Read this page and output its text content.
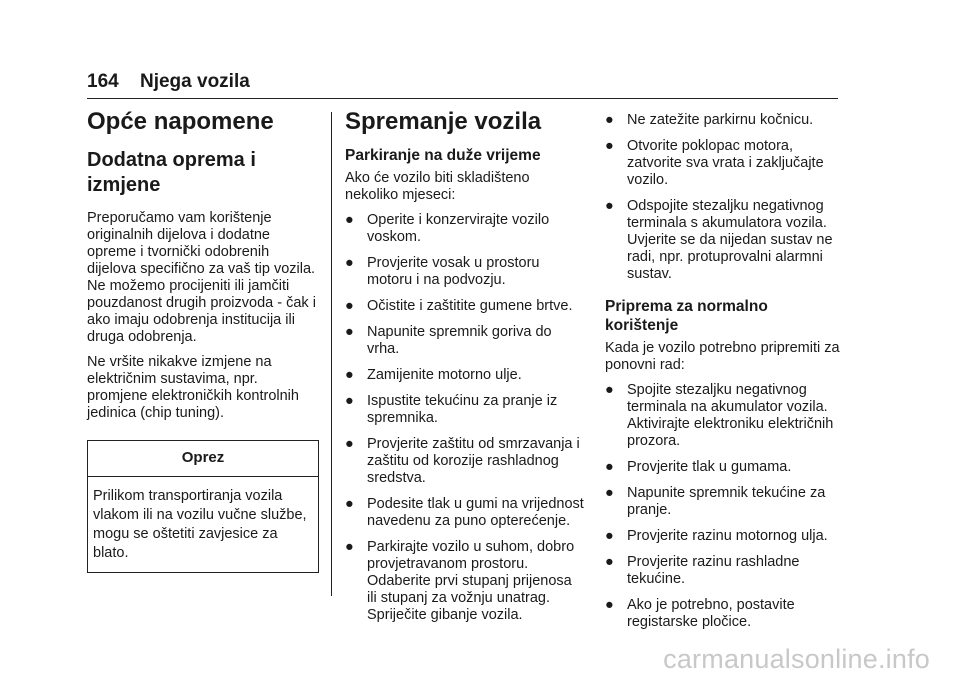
164 Njega vozila
Opće napomene
Dodatna oprema i izmjene

Preporučamo vam korištenje originalnih dijelova i dodatne opreme i tvornički odobrenih dijelova specifično za vaš tip vozila. Ne možemo procijeniti ili jamčiti pouzdanost drugih proizvoda - čak i ako imaju odobrenja institucija ili druga odobrenja.

Ne vršite nikakve izmjene na električnim sustavima, npr. promjene elektroničkih kontrolnih jedinica (chip tuning).

Oprez
Prilikom transportiranja vozila vlakom ili na vozilu vučne službe, mogu se oštetiti zavjesice za blato.
Spremanje vozila
Parkiranje na duže vrijeme

Ako će vozilo biti skladišteno nekoliko mjeseci:

● Operite i konzervirajte vozilo voskom.
● Provjerite vosak u prostoru motoru i na podvozju.
● Očistite i zaštitite gumene brtve.
● Napunite spremnik goriva do vrha.
● Zamijenite motorno ulje.
● Ispustite tekućinu za pranje iz spremnika.
● Provjerite zaštitu od smrzavanja i zaštitu od korozije rashladnog sredstva.
● Podesite tlak u gumi na vrijednost navedenu za puno opterećenje.
● Parkirajte vozilo u suhom, dobro provjetravanom prostoru. Odaberite prvi stupanj prijenosa ili stupanj za vožnju unatrag. Spriječite gibanje vozila.
● Ne zatežite parkirnu kočnicu.
● Otvorite poklopac motora, zatvorite sva vrata i zaključajte vozilo.
● Odspojite stezaljku negativnog terminala s akumulatora vozila. Uvjerite se da nijedan sustav ne radi, npr. protuprovalni alarmni sustav.
Priprema za normalno korištenje

Kada je vozilo potrebno pripremiti za ponovni rad:

● Spojite stezaljku negativnog terminala na akumulator vozila. Aktivirajte elektroniku električnih prozora.
● Provjerite tlak u gumama.
● Napunite spremnik tekućine za pranje.
● Provjerite razinu motornog ulja.
● Provjerite razinu rashladne tekućine.
● Ako je potrebno, postavite registarske pločice.
carmanualsonline.info
